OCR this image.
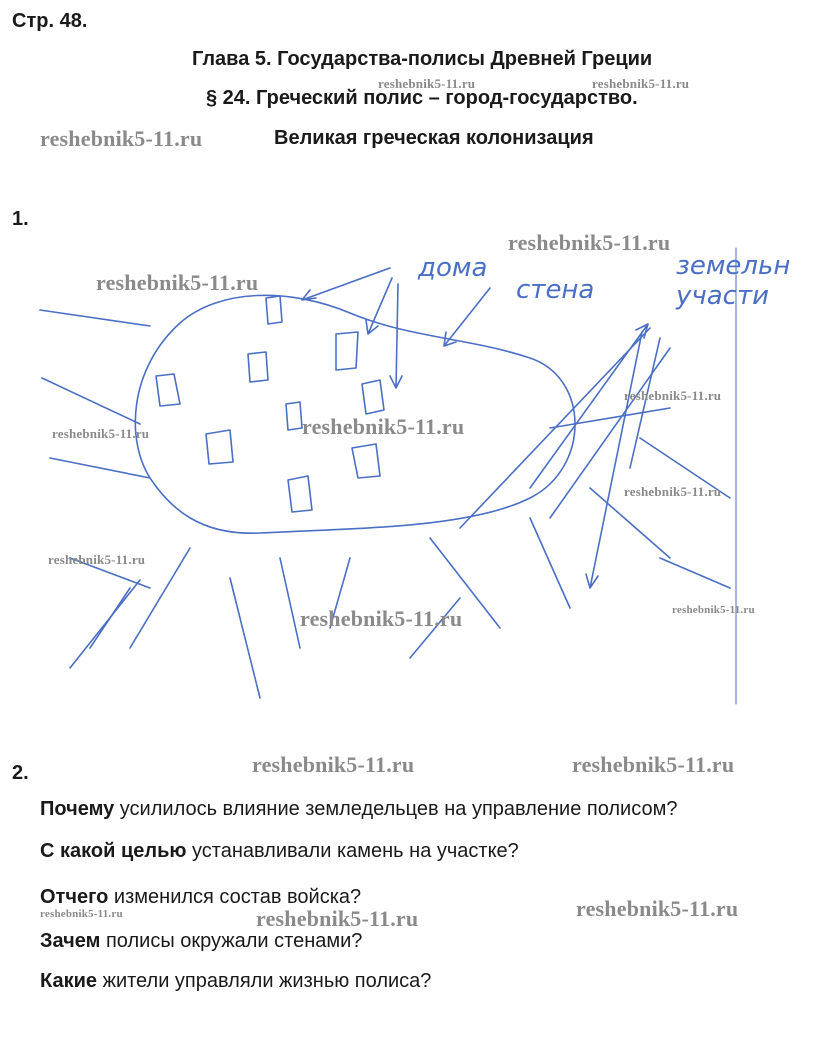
Стр. 48.
Глава 5. Государства-полисы Древней Греции
§ 24. Греческий полис – город-государство.
Великая греческая колонизация
reshebnik5-11.ru	reshebnik5-11.ru
reshebnik5-11.ru
1.
дома
стена
земельн
участи
reshebnik5-11.ru
reshebnik5-11.ru
reshebnik5-11.ru
reshebnik5-11.ru	reshebnik5-11.ru
reshebnik5-11.ru
reshebnik5-11.ru
reshebnik5-11.ru	reshebnik5-11.ru
2.	reshebnik5-11.ru	reshebnik5-11.ru
Почему усилилось влияние земледельцев на управление полисом?
С какой целью устанавливали камень на участке?
Отчего изменился состав войска?
reshebnik5-11.ru	reshebnik5-11.ru	reshebnik5-11.ru
Зачем полисы окружали стенами?
Какие жители управляли жизнью полиса?
